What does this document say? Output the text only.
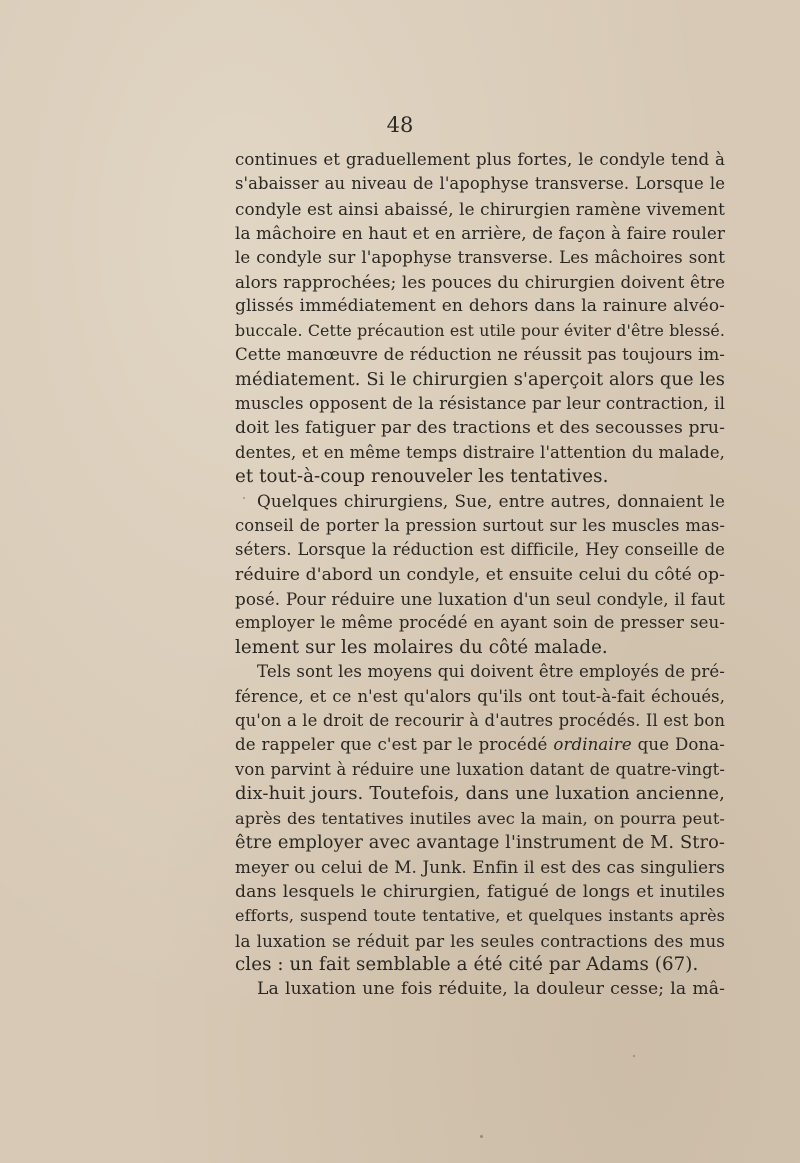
48
continues et graduellement plus fortes, le condyle tend à
s'abaisser au niveau de l'apophyse transverse. Lorsque le
condyle est ainsi abaissé, le chirurgien ramène vivement
la mâchoire en haut et en arrière, de façon à faire rouler
le condyle sur l'apophyse transverse. Les mâchoires sont
alors rapprochées; les pouces du chirurgien doivent être
glissés immédiatement en dehors dans la rainure alvéo-
buccale. Cette précaution est utile pour éviter d'être blessé.
Cette manœuvre de réduction ne réussit pas toujours im-
médiatement. Si le chirurgien s'aperçoit alors que les
muscles opposent de la résistance par leur contraction, il
doit les fatiguer par des tractions et des secousses pru-
dentes, et en même temps distraire l'attention du malade,
et tout-à-coup renouveler les tentatives.
Quelques chirurgiens, Sue, entre autres, donnaient le
conseil de porter la pression surtout sur les muscles mas-
séters. Lorsque la réduction est difficile, Hey conseille de
réduire d'abord un condyle, et ensuite celui du côté op-
posé. Pour réduire une luxation d'un seul condyle, il faut
employer le même procédé en ayant soin de presser seu-
lement sur les molaires du côté malade.
Tels sont les moyens qui doivent être employés de pré-
férence, et ce n'est qu'alors qu'ils ont tout-à-fait échoués,
qu'on a le droit de recourir à d'autres procédés. Il est bon
de rappeler que c'est par le procédé ordinaire que Dona-
von parvint à réduire une luxation datant de quatre-vingt-
dix-huit jours. Toutefois, dans une luxation ancienne,
après des tentatives inutiles avec la main, on pourra peut-
être employer avec avantage l'instrument de M. Stro-
meyer ou celui de M. Junk. Enfin il est des cas singuliers
dans lesquels le chirurgien, fatigué de longs et inutiles
efforts, suspend toute tentative, et quelques instants après
la luxation se réduit par les seules contractions des mus
cles : un fait semblable a été cité par Adams (67).
La luxation une fois réduite, la douleur cesse; la mâ-
